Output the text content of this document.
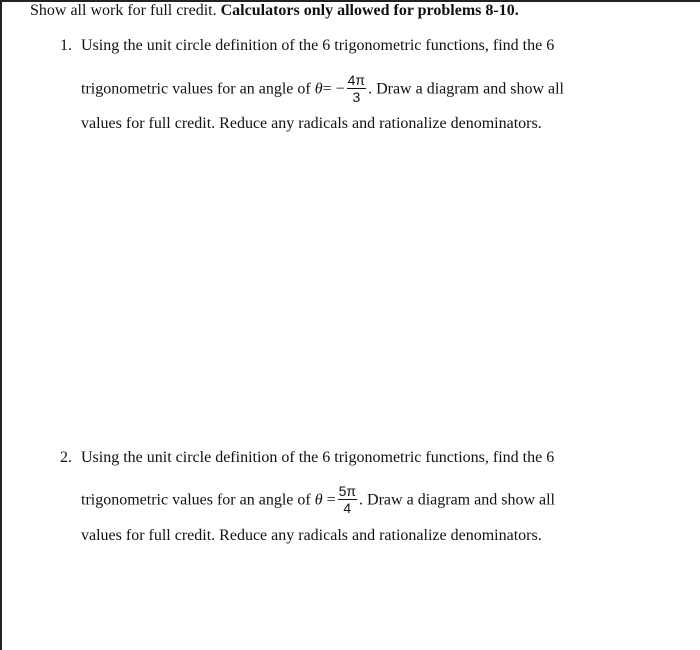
Show all work for full credit. Calculators only allowed for problems 8-10.
1. Using the unit circle definition of the 6 trigonometric functions, find the 6
trigonometric values for an angle of $\theta= - \frac{4\pi}{3}$ . Draw a diagram and show all
values for full credit. Reduce any radicals and rationalize denominators.
2. Using the unit circle definition of the 6 trigonometric functions, find the 6
trigonometric values for an angle of $\theta = \frac{5\pi}{4}$ . Draw a diagram and show all
values for full credit. Reduce any radicals and rationalize denominators.
